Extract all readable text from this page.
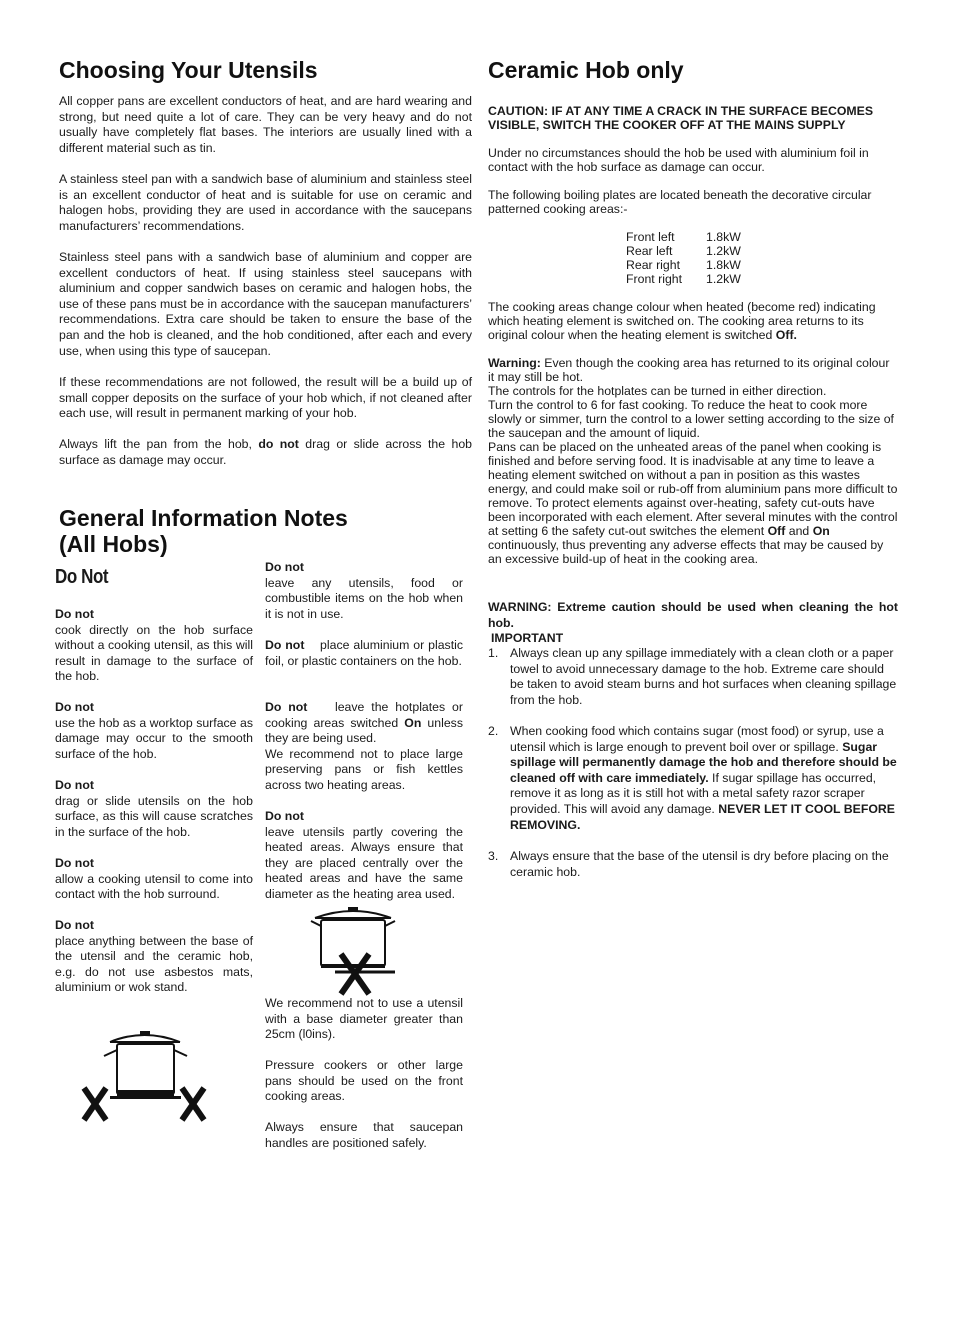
Choosing Your Utensils

All copper pans are excellent conductors of heat, and are hard wearing and strong, but need quite a lot of care. They can be very heavy and do not usually have completely flat bases. The interiors are usually lined with a different material such as tin.

A stainless steel pan with a sandwich base of aluminium and stainless steel is an excellent conductor of heat and is suitable for use on ceramic and halogen hobs, providing they are used in accordance with the saucepans manufacturers’ recommendations.

Stainless steel pans with a sandwich base of aluminium and copper are excellent conductors of heat. If using stainless steel saucepans with aluminium and copper sandwich bases on ceramic and halogen hobs, the use of these pans must be in accordance with the saucepan manufacturers’ recommendations. Extra care should be taken to ensure the base of the pan and the hob is cleaned, and the hob conditioned, after each and every use, when using this type of saucepan.

If these recommendations are not followed, the result will be a build up of small copper deposits on the surface of your hob which, if not cleaned after each use, will result in permanent marking of your hob.

Always lift the pan from the hob, do not drag or slide across the hob surface as damage may occur.

General Information Notes
(All Hobs)
Do Not

Do not

cook directly on the hob surface without a cooking utensil, as this will result in damage to the surface of the hob.

Do not

use the hob as a worktop surface as damage may occur to the smooth surface of the hob.

Do not

drag or slide utensils on the hob surface, as this will cause scratches in the surface of the hob.

Do not

allow a cooking utensil to come into contact with the hob surround.

Do not

place anything between the base of the utensil and the ceramic hob, e.g. do not use asbestos mats, aluminium or wok stand.

Do not

leave any utensils, food or combustible items on the hob when it is not in use.

Do not place aluminium or plastic foil, or plastic containers on the hob.

Do not leave the hotplates or cooking areas switched On unless they are being used.

We recommend not to place large preserving pans or fish kettles across two heating areas.

Do not

leave utensils partly covering the heated areas. Always ensure that they are placed centrally over the heated areas and have the same diameter as the heating area used.

We recommend not to use a utensil with a base diameter greater than 25cm (l0ins).

Pressure cookers or other large pans should be used on the front cooking areas.

Always ensure that saucepan handles are positioned safely.

Ceramic Hob only

CAUTION: IF AT ANY TIME A CRACK IN THE SURFACE BECOMES VISIBLE, SWITCH THE COOKER OFF AT THE MAINS SUPPLY

Under no circumstances should the hob be used with aluminium foil in contact with the hob surface as damage can occur.

The following boiling plates are located beneath the decorative circular patterned cooking areas:-

Front left	1.8kW
Rear left	1.2kW
Rear right	1.8kW
Front right	1.2kW

The cooking areas change colour when heated (become red) indicating which heating element is switched on. The cooking area returns to its original colour when the heating element is switched Off.

Warning: Even though the cooking area has returned to its original colour it may still be hot.

The controls for the hotplates can be turned in either direction.

Turn the control to 6 for fast cooking. To reduce the heat to cook more slowly or simmer, turn the control to a lower setting according to the size of the saucepan and the amount of liquid.

Pans can be placed on the unheated areas of the panel when cooking is finished and before serving food. It is inadvisable at any time to leave a heating element switched on without a pan in position as this wastes energy, and could make soil or rub-off from aluminium pans more difficult to remove. To protect elements against over-heating, safety cut-outs have been incorporated with each element. After several minutes with the control at setting 6 the safety cut-out switches the element Off and On continuously, thus preventing any adverse effects that may be caused by an excessive build-up of heat in the cooking area.

WARNING: Extreme caution should be used when cleaning the hot hob.

IMPORTANT

1. Always clean up any spillage immediately with a clean cloth or a paper towel to avoid unnecessary damage to the hob. Extreme care should be taken to avoid steam burns and hot surfaces when cleaning spillage from the hob.
2. When cooking food which contains sugar (most food) or syrup, use a utensil which is large enough to prevent boil over or spillage. Sugar spillage will permanently damage the hob and therefore should be cleaned off with care immediately. If sugar spillage has occurred, remove it as long as it is still hot with a metal safety razor scraper provided. This will avoid any damage. NEVER LET IT COOL BEFORE REMOVING.
3. Always ensure that the base of the utensil is dry before placing on the ceramic hob.
